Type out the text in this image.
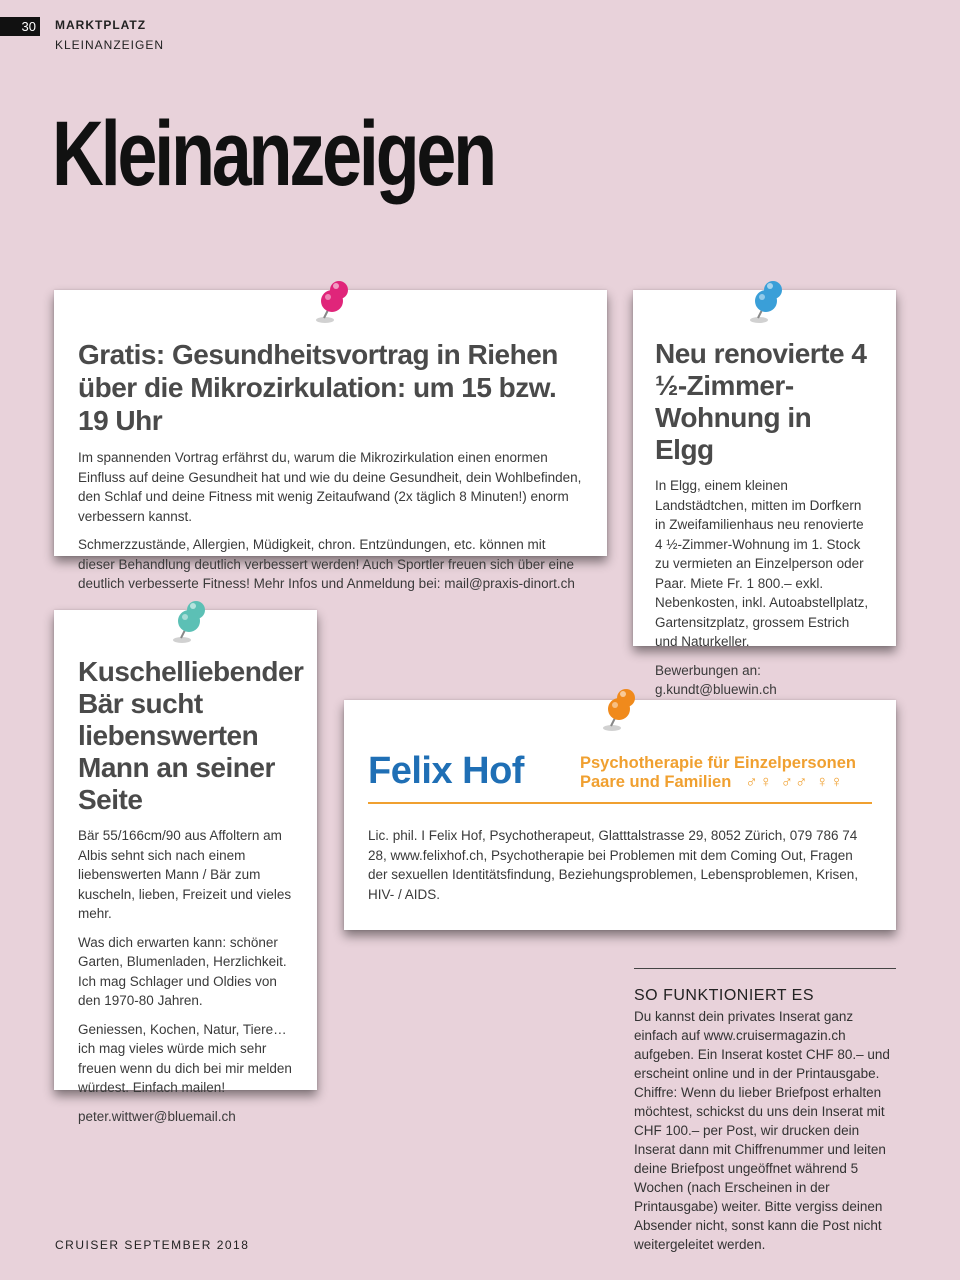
30	MARKTPLATZ
KLEINANZEIGEN
Kleinanzeigen
Gratis: Gesundheitsvortrag in Riehen über die Mikrozirkulation: um 15 bzw. 19 Uhr

Im spannenden Vortrag erfährst du, warum die Mikrozirkulation einen enormen Einfluss auf deine Gesundheit hat und wie du deine Gesundheit, dein Wohlbefinden, den Schlaf und deine Fitness mit wenig Zeitaufwand (2x täglich 8 Minuten!) enorm verbessern kannst.

Schmerzzustände, Allergien, Müdigkeit, chron. Entzündungen, etc. können mit dieser Behandlung deutlich verbessert werden! Auch Sportler freuen sich über eine deutlich verbesserte Fitness! Mehr Infos und Anmeldung bei: mail@praxis-dinort.ch

Neu renovierte 4 ½-Zimmer-Wohnung in Elgg

In Elgg, einem kleinen Landstädtchen, mitten im Dorfkern in Zweifamilienhaus neu renovierte 4 ½-Zimmer-Wohnung im 1. Stock zu vermieten an Einzelperson oder Paar. Miete Fr. 1 800.– exkl. Nebenkosten, inkl. Autoabstellplatz, Gartensitzplatz, grossem Estrich und Naturkeller.

Bewerbungen an: g.kundt@bluewin.ch

Kuschelliebender Bär sucht liebenswerten Mann an seiner Seite

Bär 55/166cm/90 aus Affoltern am Albis sehnt sich nach einem liebenswerten Mann / Bär zum kuscheln, lieben, Freizeit und vieles mehr.

Was dich erwarten kann: schöner Garten, Blumenladen, Herzlichkeit. Ich mag Schlager und Oldies von den 1970-80 Jahren.

Geniessen, Kochen, Natur, Tiere… ich mag vieles würde mich sehr freuen wenn du dich bei mir melden würdest. Einfach mailen!

peter.wittwer@bluemail.ch

Felix Hof	Psychotherapie für Einzelpersonen
Paare und Familien ♂♀ ♂♂ ♀♀

Lic. phil. I Felix Hof, Psychotherapeut, Glatttalstrasse 29, 8052 Zürich, 079 786 74 28, www.felixhof.ch, Psychotherapie bei Problemen mit dem Coming Out, Fragen der sexuellen Identitätsfindung, Beziehungsproblemen, Lebensproblemen, Krisen, HIV- / AIDS.

SO FUNKTIONIERT ES

Du kannst dein privates Inserat ganz einfach auf www.cruisermagazin.ch aufgeben. Ein Inserat kostet CHF 80.– und erscheint online und in der Printausgabe.

Chiffre: Wenn du lieber Briefpost erhalten möchtest, schickst du uns dein Inserat mit CHF 100.– per Post, wir drucken dein Inserat dann mit Chiffrenummer und leiten deine Briefpost ungeöffnet während 5 Wochen (nach Erscheinen in der Printausgabe) weiter. Bitte vergiss deinen Absender nicht, sonst kann die Post nicht weitergeleitet werden.

CRUISER SEPTEMBER 2018
